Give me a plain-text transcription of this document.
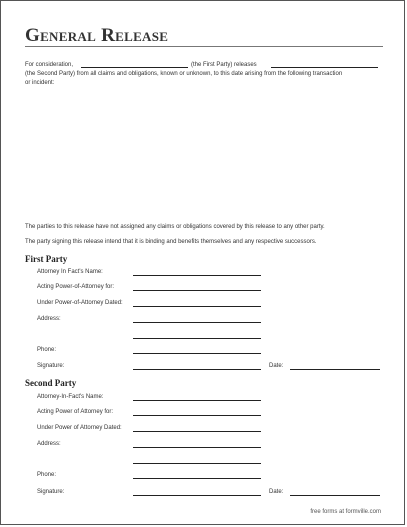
General Release
For consideration,	(the First Party) releases
(the Second Party) from all claims and obligations, known or unknown, to this date arising from the following transaction
or incident:
The parties to this release have not assigned any claims or obligations covered by this release to any other party.
The party signing this release intend that it is binding and benefits themselves and any respective successors.
First Party
Attorney In Fact's Name:
Acting Power-of-Attorney for:
Under Power-of-Attorney Dated:
Address:
Phone:
Signature:	Date:
Second Party
Attorney-In-Fact's Name:
Acting Power of Attorney for:
Under Power of Attorney Dated:
Address:
Phone:
Signature:	Date:
free forms at formville.com
